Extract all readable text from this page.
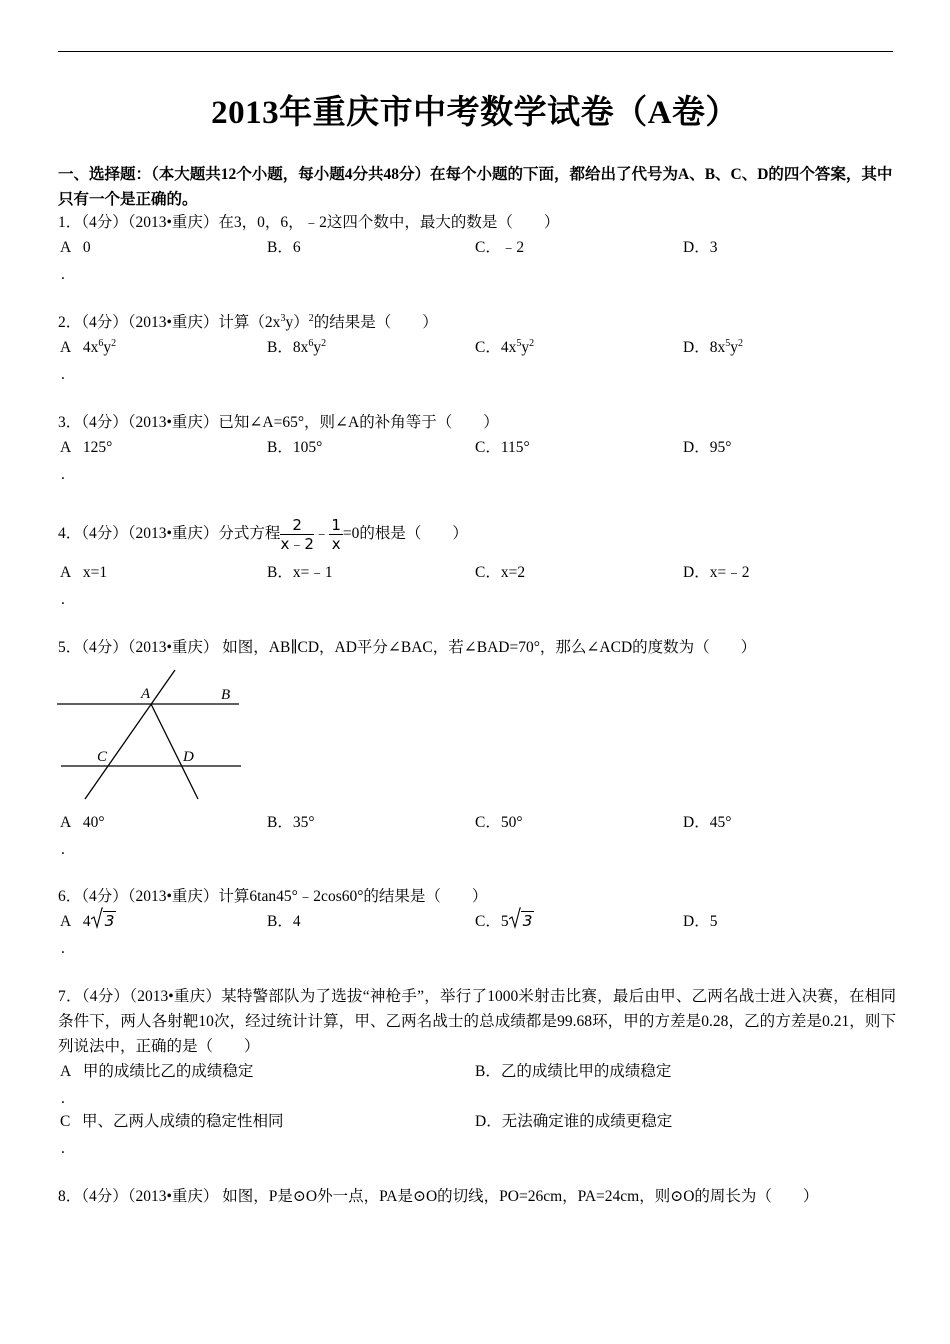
2013年重庆市中考数学试卷（A卷）
一、选择题：（本大题共12个小题，每小题4分共48分）在每个小题的下面，都给出了代号为A、B、C、D的四个答案，其中只有一个是正确的。
1．（4分）（2013•重庆）在3，0，6，﹣2这四个数中，最大的数是（　　）
A 0	B．6	C．﹣2	D．3
.
2．（4分）（2013•重庆）计算$(2x^3y)^2$的结果是（　　）
A $4x^6y^2$	B．$8x^6y^2$	C．$4x^5y^2$	D．$8x^5y^2$
.
3．（4分）（2013•重庆）已知∠A=65°，则∠A的补角等于（　　）
A 125°	B．105°	C．115°	D．95°
.
4．（4分）（2013•重庆）分式方程 $\frac{2}{x﹣2}$ ﹣ $\frac{1}{x} =0$的根是（　　）
A x=1	B．x=﹣1	C．x=2	D．x=﹣2
.
5．（4分）（2013•重庆） 如图，AB∥CD，AD平分∠BAC，若∠BAD=70°，那么∠ACD的度数为（　　）
A	B
C	D
A 40°	B．35°	C．50°	D．45°
.
6．（4分）（2013•重庆）计算6tan45°﹣2cos60°的结果是（　　）
A 4 3	B．4	C．5 3	D．5
.
7．（4分）（2013•重庆）某特警部队为了选拔“神枪手”，举行了1000米射击比赛，最后由甲、乙两名战士进入决赛，在相同条件下，两人各射靶10次，经过统计计算，甲、乙两名战士的总成绩都是99.68环，甲的方差是0.28，乙的方差是0.21，则下列说法中，正确的是（　　）
A 甲的成绩比乙的成绩稳定	B．乙的成绩比甲的成绩稳定
.
C 甲、乙两人成绩的稳定性相同	D．无法确定谁的成绩更稳定
.
8．（4分）（2013•重庆） 如图，P是⊙O外一点，PA是⊙O的切线，PO=26cm，PA=24cm，则⊙O的周长为（　　）
